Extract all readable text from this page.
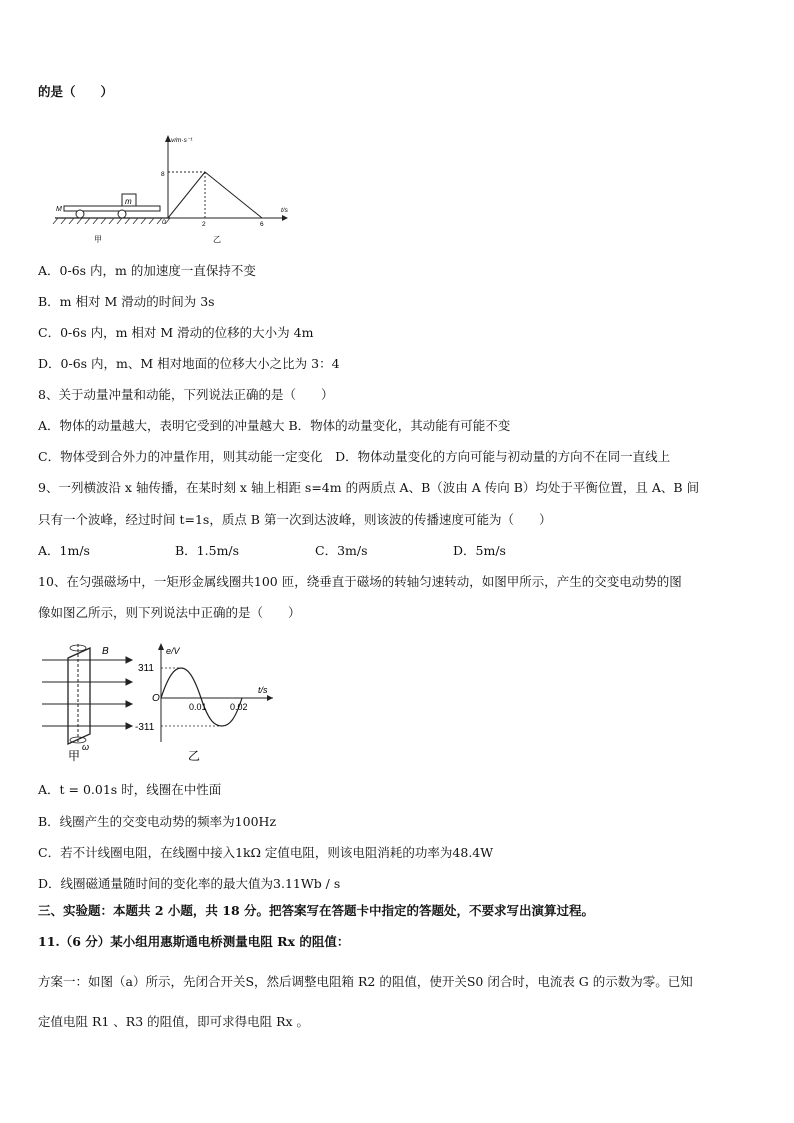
的是（　　）
m
M
甲
v/m·s⁻¹
t/s
0
8
2	6
乙
A．0-6s 内，m 的加速度一直保持不变
B．m 相对 M 滑动的时间为 3s
C．0-6s 内，m 相对 M 滑动的位移的大小为 4m
D．0-6s 内，m、M 相对地面的位移大小之比为 3：4
8、关于动量冲量和动能，下列说法正确的是（　　）
A．物体的动量越大，表明它受到的冲量越大 B．物体的动量变化，其动能有可能不变
C．物体受到合外力的冲量作用，则其动能一定变化　D．物体动量变化的方向可能与初动量的方向不在同一直线上
9、一列横波沿 x 轴传播，在某时刻 x 轴上相距 s=4m 的两质点 A、B（波由 A 传向 B）均处于平衡位置，且 A、B 间
只有一个波峰，经过时间 t=1s，质点 B 第一次到达波峰，则该波的传播速度可能为（　　）
A．1m/s	B．1.5m/s	C．3m/s	D．5m/s
10、在匀强磁场中，一矩形金属线圈共100 匝，绕垂直于磁场的转轴匀速转动，如图甲所示，产生的交变电动势的图
像如图乙所示，则下列说法中正确的是（　　）
B
ω
甲
e/V
t/s
O
311
-311
0.01	0.02
乙
A．t = 0.01s 时，线圈在中性面
B．线圈产生的交变电动势的频率为100Hz
C．若不计线圈电阻，在线圈中接入1kΩ 定值电阻，则该电阻消耗的功率为48.4W
D．线圈磁通量随时间的变化率的最大值为3.11Wb / s
三、实验题：本题共 2 小题，共 18 分。把答案写在答题卡中指定的答题处，不要求写出演算过程。
11.（6 分）某小组用惠斯通电桥测量电阻 Rx 的阻值：
方案一：如图（a）所示，先闭合开关S，然后调整电阻箱 R2 的阻值，使开关S0 闭合时，电流表 G 的示数为零。已知
定值电阻 R1 、R3 的阻值，即可求得电阻 Rx 。
